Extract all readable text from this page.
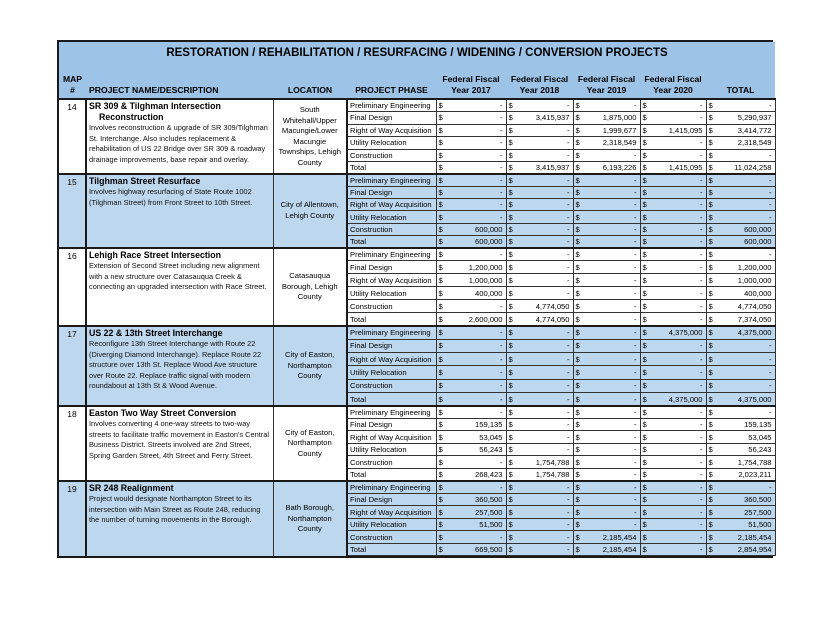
RESTORATION / REHABILITATION / RESURFACING / WIDENING / CONVERSION PROJECTS								
MAP
#	PROJECT NAME/DESCRIPTION	LOCATION	PROJECT PHASE	Federal Fiscal
Year 2017	Federal Fiscal
Year 2018	Federal Fiscal
Year 2019	Federal Fiscal
Year 2020	TOTAL
14	SR 309 & Tilghman Intersection
Reconstruction
Involves reconstruction & upgrade of SR 309/Tilghman St. Interchange. Also includes replacement & rehabilitation of US 22 Bridge over SR 309 & roadway drainage improvements, base repair and overlay.	South Whitehall/Upper Macungie/Lower Macungie Townships, Lehigh County	Preliminary Engineering	$ -	$ -	$ -	$ -	$ -

			Final Design	$ -	$ 3,415,937	$ 1,875,000	$ -	$ 5,290,937

			Right of Way Acquisition	$ -	$ -	$ 1,999,677	$ 1,415,095	$ 3,414,772

			Utility Relocation	$ -	$ -	$ 2,318,549	$ -	$ 2,318,549

			Construction	$ -	$ -	$ -	$ -	$ -

			Total	$ -	$ 3,415,937	$ 6,193,226	$ 1,415,095	$ 11,024,258

15	Tilghman Street Resurface
Involves highway resurfacing of State Route 1002 (Tilghman Street) from Front Street to 10th Street.	City of Allentown, Lehigh County	Preliminary Engineering	$ -	$ -	$ -	$ -	$ -

			Final Design	$ -	$ -	$ -	$ -	$ -

			Right of Way Acquisition	$ -	$ -	$ -	$ -	$ -

			Utility Relocation	$ -	$ -	$ -	$ -	$ -

			Construction	$ 600,000	$ -	$ -	$ -	$ 600,000

			Total	$ 600,000	$ -	$ -	$ -	$ 600,000

16	Lehigh Race Street Intersection
Extension of Second Street including new alignment with a new structure over Catasauqua Creek & connecting an upgraded intersection with Race Street.	Catasauqua Borough, Lehigh County	Preliminary Engineering	$ -	$ -	$ -	$ -	$ -

			Final Design	$ 1,200,000	$ -	$ -	$ -	$ 1,200,000

			Right of Way Acquisition	$ 1,000,000	$ -	$ -	$ -	$ 1,000,000

			Utility Relocation	$ 400,000	$ -	$ -	$ -	$ 400,000

			Construction	$ -	$ 4,774,050	$ -	$ -	$ 4,774,050

			Total	$ 2,600,000	$ 4,774,050	$ -	$ -	$ 7,374,050

17	US 22 & 13th Street Interchange
Reconfigure 13th Street Interchange with Route 22 (Diverging Diamond Interchange). Replace Route 22 structure over 13th St. Replace Wood Ave structure over Route 22. Replace traffic signal with modern roundabout at 13th St & Wood Avenue.	City of Easton, Northampton County	Preliminary Engineering	$ -	$ -	$ -	$ 4,375,000	$ 4,375,000

			Final Design	$ -	$ -	$ -	$ -	$ -

			Right of Way Acquisition	$ -	$ -	$ -	$ -	$ -

			Utility Relocation	$ -	$ -	$ -	$ -	$ -

			Construction	$ -	$ -	$ -	$ -	$ -

			Total	$ -	$ -	$ -	$ 4,375,000	$ 4,375,000

18	Easton Two Way Street Conversion
Involves converting 4 one-way streets to two-way streets to facilitate traffic movement in Easton's Central Business District. Streets involved are 2nd Street, Spring Garden Street, 4th Street and Ferry Street.	City of Easton, Northampton County	Preliminary Engineering	$ -	$ -	$ -	$ -	$ -

			Final Design	$ 159,135	$ -	$ -	$ -	$ 159,135

			Right of Way Acquisition	$ 53,045	$ -	$ -	$ -	$ 53,045

			Utility Relocation	$ 56,243	$ -	$ -	$ -	$ 56,243

			Construction	$ -	$ 1,754,788	$ -	$ -	$ 1,754,788

			Total	$ 268,423	$ 1,754,788	$ -	$ -	$ 2,023,211

19	SR 248 Realignment
Project would designate Northampton Street to its intersection with Main Street as Route 248, reducing the number of turning movements in the Borough.	Bath Borough, Northampton County	Preliminary Engineering	$ -	$ -	$ -	$ -	$ -

			Final Design	$ 360,500	$ -	$ -	$ -	$ 360,500

			Right of Way Acquisition	$ 257,500	$ -	$ -	$ -	$ 257,500

			Utility Relocation	$ 51,500	$ -	$ -	$ -	$ 51,500

			Construction	$ -	$ -	$ 2,185,454	$ -	$ 2,185,454

			Total	$ 669,500	$ -	$ 2,185,454	$ -	$ 2,854,954
